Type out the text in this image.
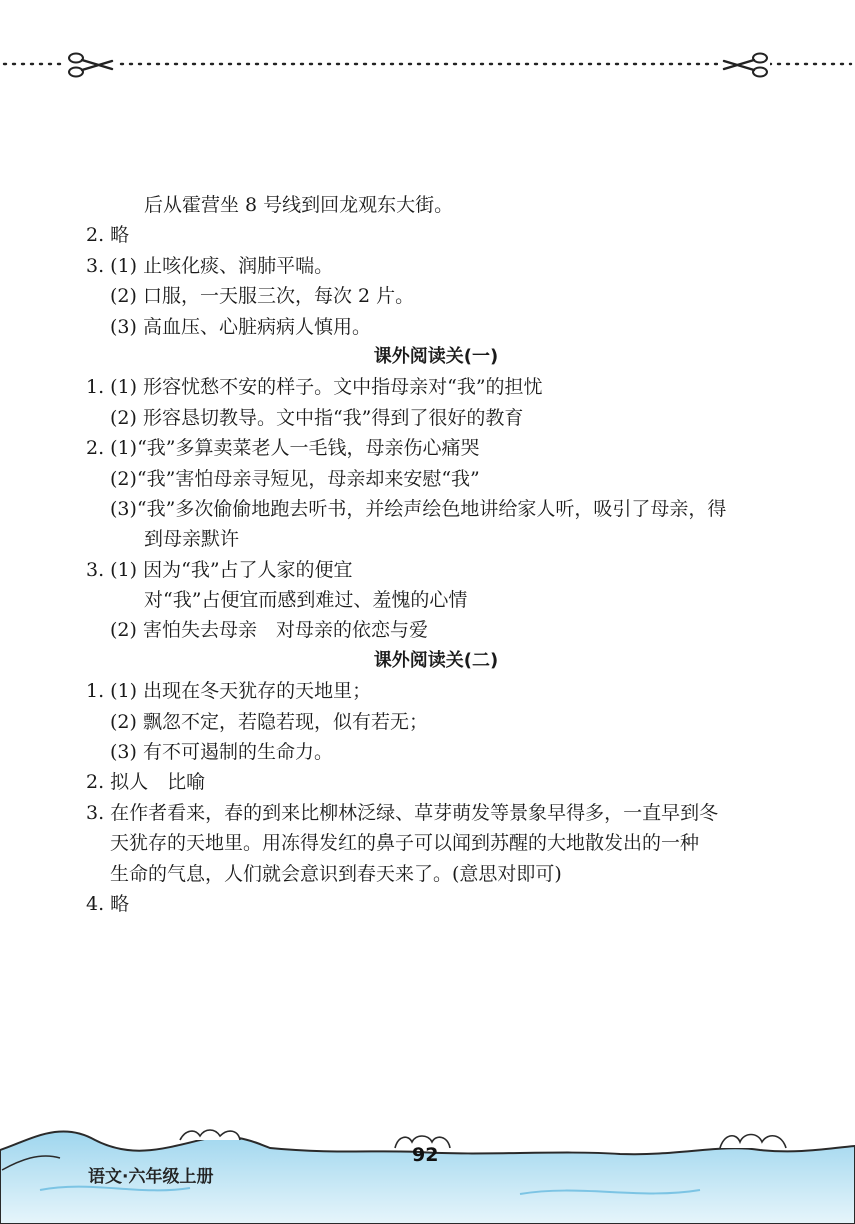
后从霍营坐 8 号线到回龙观东大街。
2. 略
3. (1) 止咳化痰、润肺平喘。
(2) 口服，一天服三次，每次 2 片。
(3) 高血压、心脏病病人慎用。
课外阅读关(一)
1. (1) 形容忧愁不安的样子。文中指母亲对“我”的担忧
(2) 形容恳切教导。文中指“我”得到了很好的教育
2. (1)“我”多算卖菜老人一毛钱，母亲伤心痛哭
(2)“我”害怕母亲寻短见，母亲却来安慰“我”
(3)“我”多次偷偷地跑去听书，并绘声绘色地讲给家人听，吸引了母亲，得
到母亲默许
3. (1) 因为“我”占了人家的便宜
对“我”占便宜而感到难过、羞愧的心情
(2) 害怕失去母亲　对母亲的依恋与爱
课外阅读关(二)
1. (1) 出现在冬天犹存的天地里；
(2) 飘忽不定，若隐若现，似有若无；
(3) 有不可遏制的生命力。
2. 拟人　比喻
3. 在作者看来，春的到来比柳林泛绿、草芽萌发等景象早得多，一直早到冬
天犹存的天地里。用冻得发红的鼻子可以闻到苏醒的大地散发出的一种
生命的气息，人们就会意识到春天来了。(意思对即可)
4. 略
语文·六年级上册
92
